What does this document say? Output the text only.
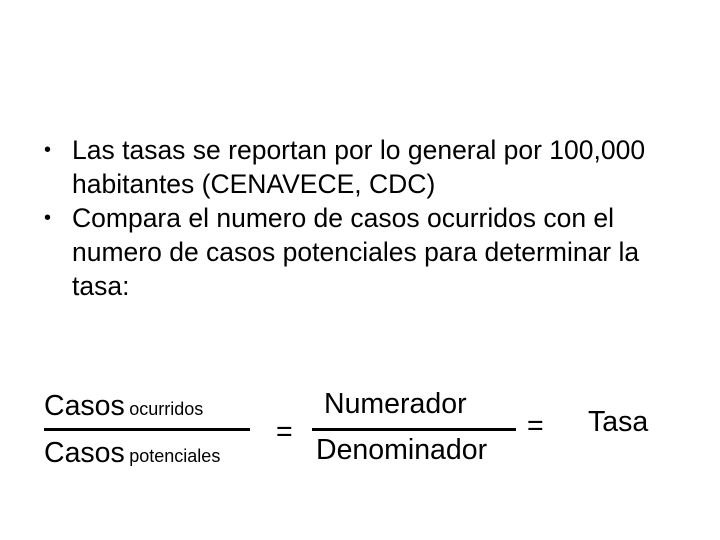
• Las tasas se reportan por lo general por 100,000 habitantes (CENAVECE, CDC)
• Compara el numero de casos ocurridos con el numero de casos potenciales para determinar la tasa:
Casos ocurridos
Casos potenciales
=
Numerador
Denominador
= Tasa
